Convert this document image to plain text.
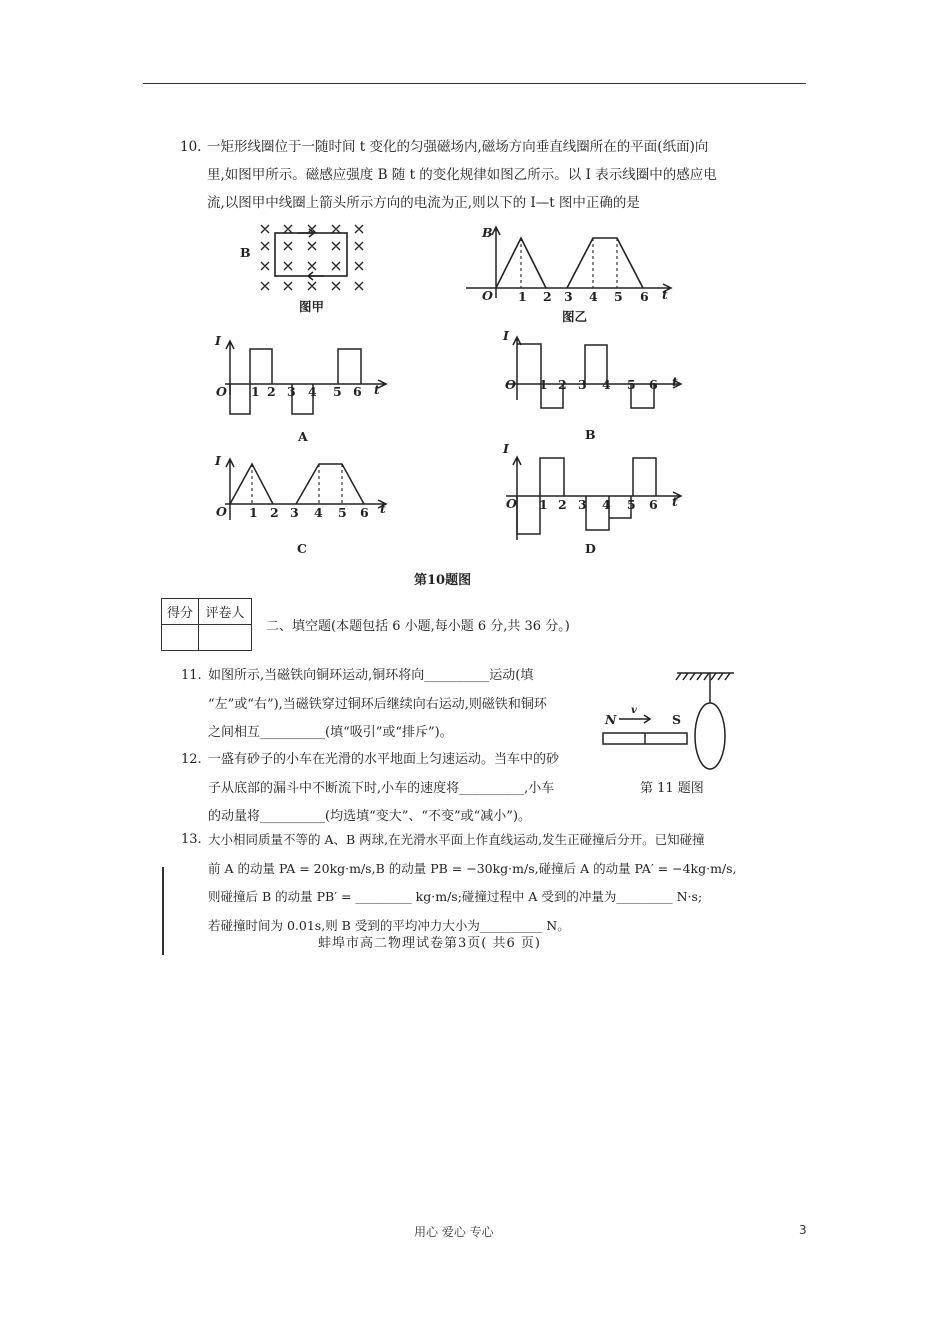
10. 一矩形线圈位于一随时间 t 变化的匀强磁场内,磁场方向垂直线圈所在的平面(纸面)向
里,如图甲所示。磁感应强度 B 随 t 的变化规律如图乙所示。以 I 表示线圈中的感应电
流,以图甲中线圈上箭头所示方向的电流为正,则以下的 I—t 图中正确的是
B
图甲
B
O 1 2 3 4 5 6 t
图乙
I
O 1 2 3 4 5 6 t
A
I
O 1 2 3 4 5 6 t
B
I
O 1 2 3 4 5 6 t
C
I
O 1 2 3 4 5 6 t
D
第10题图
得分	评卷人

二、填空题(本题包括 6 小题,每小题 6 分,共 36 分。)
11. 如图所示,当磁铁向铜环运动,铜环将向__________运动(填
“左”或“右”),当磁铁穿过铜环后继续向右运动,则磁铁和铜环
之间相互__________(填“吸引”或“排斥”)。
N
v
S
第 11 题图
12. 一盛有砂子的小车在光滑的水平地面上匀速运动。当车中的砂
子从底部的漏斗中不断流下时,小车的速度将__________,小车
的动量将__________(均选填“变大”、“不变”或“减小”)。
13. 大小相同质量不等的 A、B 两球,在光滑水平面上作直线运动,发生正碰撞后分开。已知碰撞
前 A 的动量 PA = 20kg·m/s,B 的动量 PB = −30kg·m/s,碰撞后 A 的动量 PA′ = −4kg·m/s,
则碰撞后 B 的动量 PB′ = _________ kg·m/s;碰撞过程中 A 受到的冲量为_________ N·s;
若碰撞时间为 0.01s,则 B 受到的平均冲力大小为__________ N。
蚌埠市高二物理试卷第3页( 共6 页)
用心 爱心 专心	3
